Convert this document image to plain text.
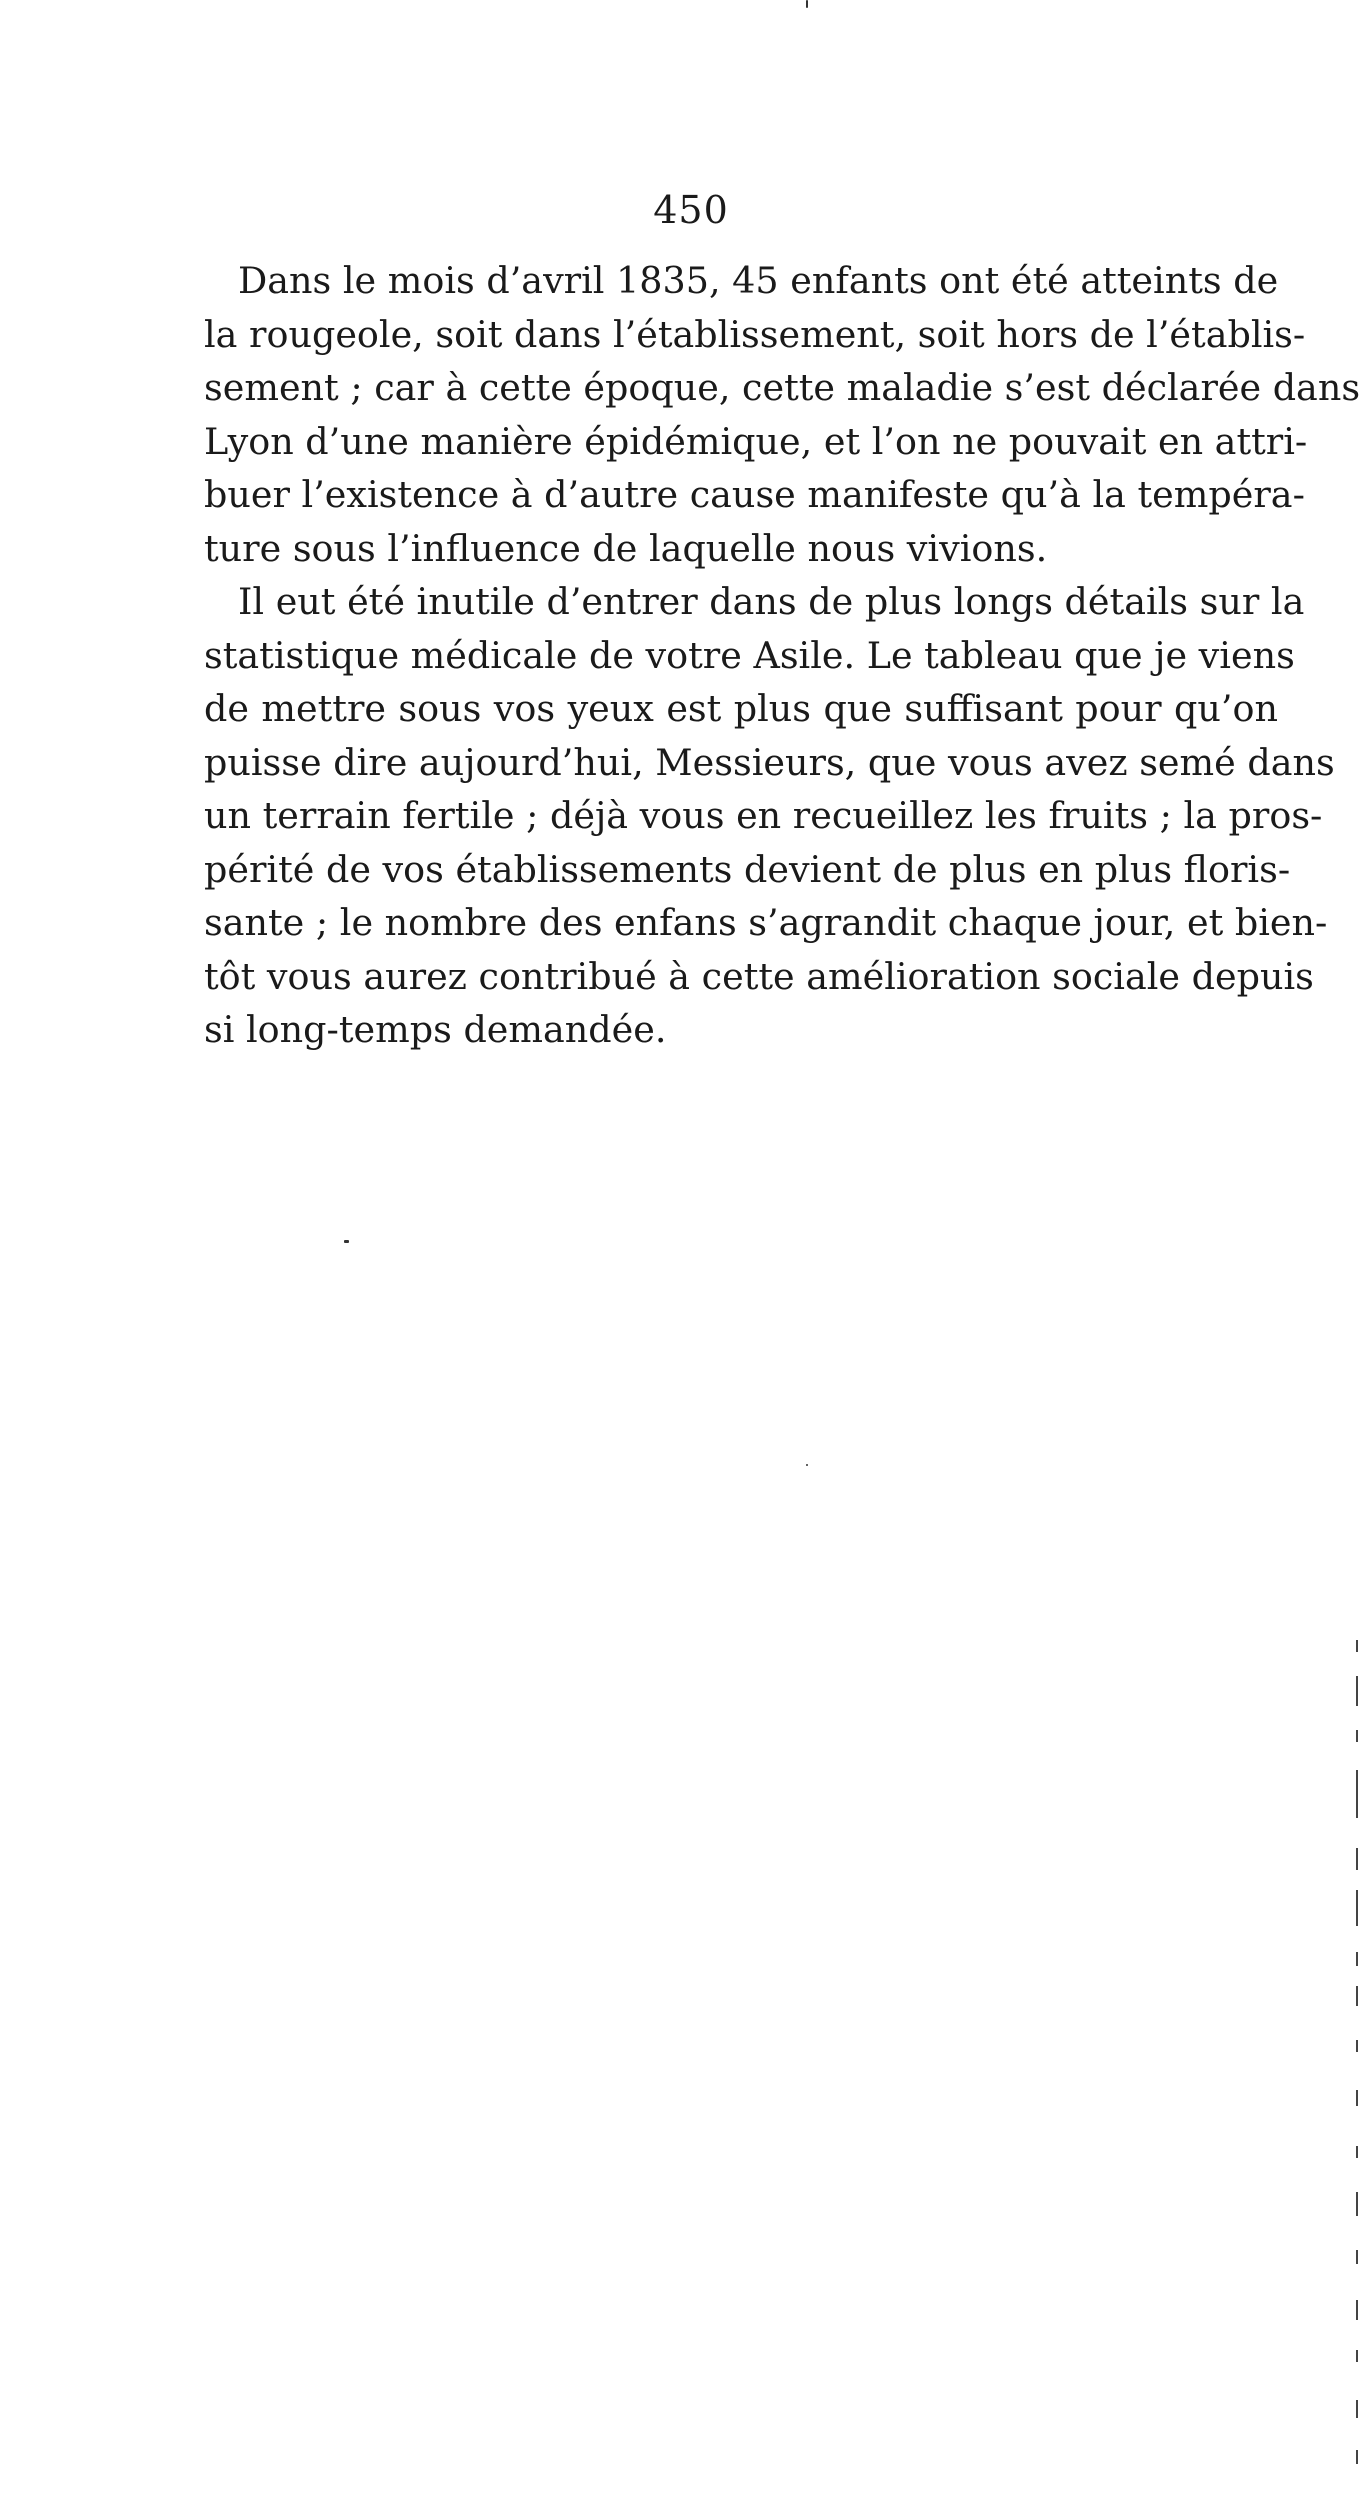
450
Dans le mois d’avril 1835, 45 enfants ont été atteints de
la rougeole, soit dans l’établissement, soit hors de l’établis-
sement ; car à cette époque, cette maladie s’est déclarée dans
Lyon d’une manière épidémique, et l’on ne pouvait en attri-
buer l’existence à d’autre cause manifeste qu’à la tempéra-
ture sous l’influence de laquelle nous vivions.
Il eut été inutile d’entrer dans de plus longs détails sur la
statistique médicale de votre Asile. Le tableau que je viens
de mettre sous vos yeux est plus que suffisant pour qu’on
puisse dire aujourd’hui, Messieurs, que vous avez semé dans
un terrain fertile ; déjà vous en recueillez les fruits ; la pros-
périté de vos établissements devient de plus en plus floris-
sante ; le nombre des enfans s’agrandit chaque jour, et bien-
tôt vous aurez contribué à cette amélioration sociale depuis
si long-temps demandée.
